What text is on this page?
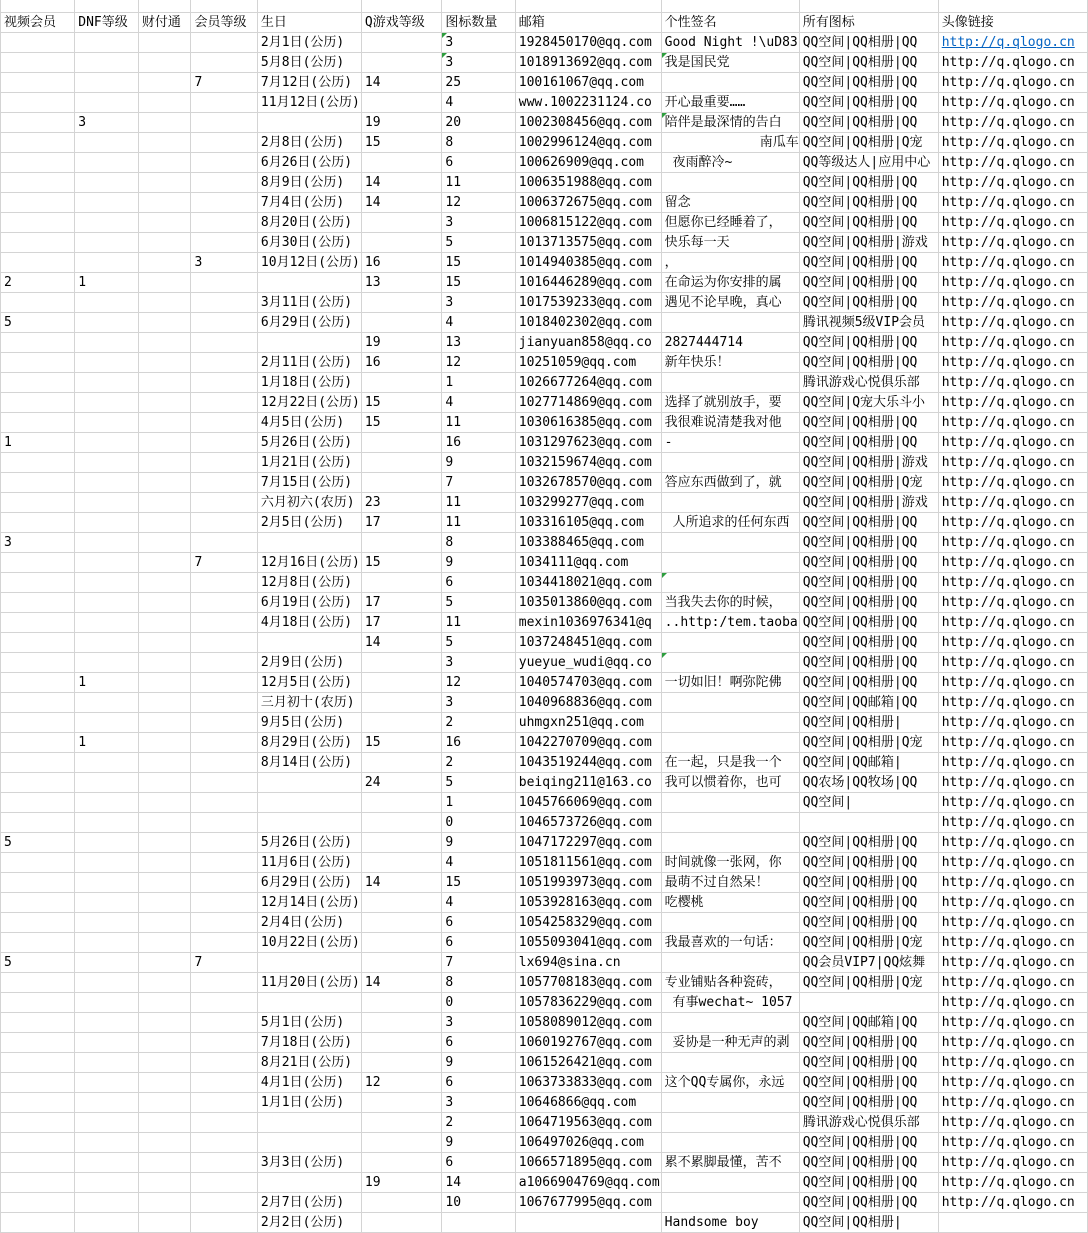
视频会员	DNF等级	财付通	会员等级	生日	Q游戏等级	图标数量	邮箱	个性签名	所有图标	头像链接
				2月1日(公历)		3	1928450170@qq.com	Good Night !\uD83	QQ空间|QQ相册|QQ	http://q.qlogo.cn
				5月8日(公历)		3	1018913692@qq.com	我是国民党	QQ空间|QQ相册|QQ	http://q.qlogo.cn
			7	7月12日(公历)	14	25	100161067@qq.com		QQ空间|QQ相册|QQ	http://q.qlogo.cn
				11月12日(公历)		4	www.1002231124.co	开心最重要……	QQ空间|QQ相册|QQ	http://q.qlogo.cn
	3				19	20	1002308456@qq.com	陪伴是最深情的告白	QQ空间|QQ相册|QQ	http://q.qlogo.cn
				2月8日(公历)	15	8	1002996124@qq.com	南瓜车	QQ空间|QQ相册|Q宠	http://q.qlogo.cn
				6月26日(公历)		6	100626909@qq.com	夜雨醉冷~	QQ等级达人|应用中心	http://q.qlogo.cn
				8月9日(公历)	14	11	1006351988@qq.com		QQ空间|QQ相册|QQ	http://q.qlogo.cn
				7月4日(公历)	14	12	1006372675@qq.com	留念	QQ空间|QQ相册|QQ	http://q.qlogo.cn
				8月20日(公历)		3	1006815122@qq.com	但愿你已经睡着了，	QQ空间|QQ相册|QQ	http://q.qlogo.cn
				6月30日(公历)		5	1013713575@qq.com	快乐每一天	QQ空间|QQ相册|游戏	http://q.qlogo.cn
			3	10月12日(公历)	16	15	1014940385@qq.com	，	QQ空间|QQ相册|QQ	http://q.qlogo.cn
2	1				13	15	1016446289@qq.com	在命运为你安排的属	QQ空间|QQ相册|QQ	http://q.qlogo.cn
				3月11日(公历)		3	1017539233@qq.com	遇见不论早晚，真心	QQ空间|QQ相册|QQ	http://q.qlogo.cn
5				6月29日(公历)		4	1018402302@qq.com		腾讯视频5级VIP会员	http://q.qlogo.cn
					19	13	jianyuan858@qq.co	2827444714	QQ空间|QQ相册|QQ	http://q.qlogo.cn
				2月11日(公历)	16	12	10251059@qq.com	新年快乐！	QQ空间|QQ相册|QQ	http://q.qlogo.cn
				1月18日(公历)		1	1026677264@qq.com		腾讯游戏心悦俱乐部	http://q.qlogo.cn
				12月22日(公历)	15	4	1027714869@qq.com	选择了就别放手，要	QQ空间|Q宠大乐斗小	http://q.qlogo.cn
				4月5日(公历)	15	11	1030616385@qq.com	我很难说清楚我对他	QQ空间|QQ相册|QQ	http://q.qlogo.cn
1				5月26日(公历)		16	1031297623@qq.com	-	QQ空间|QQ相册|QQ	http://q.qlogo.cn
				1月21日(公历)		9	1032159674@qq.com		QQ空间|QQ相册|游戏	http://q.qlogo.cn
				7月15日(公历)		7	1032678570@qq.com	答应东西做到了，就	QQ空间|QQ相册|Q宠	http://q.qlogo.cn
				六月初六(农历)	23	11	103299277@qq.com		QQ空间|QQ相册|游戏	http://q.qlogo.cn
				2月5日(公历)	17	11	103316105@qq.com	人所追求的任何东西	QQ空间|QQ相册|QQ	http://q.qlogo.cn
3						8	103388465@qq.com		QQ空间|QQ相册|QQ	http://q.qlogo.cn
			7	12月16日(公历)	15	9	1034111@qq.com		QQ空间|QQ相册|QQ	http://q.qlogo.cn
				12月8日(公历)		6	1034418021@qq.com		QQ空间|QQ相册|QQ	http://q.qlogo.cn
				6月19日(公历)	17	5	1035013860@qq.com	当我失去你的时候，	QQ空间|QQ相册|QQ	http://q.qlogo.cn
				4月18日(公历)	17	11	mexin1036976341@q	..http:/tem.taoba	QQ空间|QQ相册|QQ	http://q.qlogo.cn
					14	5	1037248451@qq.com		QQ空间|QQ相册|QQ	http://q.qlogo.cn
				2月9日(公历)		3	yueyue_wudi@qq.co		QQ空间|QQ相册|QQ	http://q.qlogo.cn
	1			12月5日(公历)		12	1040574703@qq.com	一切如旧！啊弥陀佛	QQ空间|QQ相册|QQ	http://q.qlogo.cn
				三月初十(农历)		3	1040968836@qq.com		QQ空间|QQ邮箱|QQ	http://q.qlogo.cn
				9月5日(公历)		2	uhmgxn251@qq.com		QQ空间|QQ相册|	http://q.qlogo.cn
	1			8月29日(公历)	15	16	1042270709@qq.com		QQ空间|QQ相册|Q宠	http://q.qlogo.cn
				8月14日(公历)		2	1043519244@qq.com	在一起，只是我一个	QQ空间|QQ邮箱|	http://q.qlogo.cn
					24	5	beiqing211@163.co	我可以惯着你，也可	QQ农场|QQ牧场|QQ	http://q.qlogo.cn
						1	1045766069@qq.com		QQ空间|	http://q.qlogo.cn
						0	1046573726@qq.com			http://q.qlogo.cn
5				5月26日(公历)		9	1047172297@qq.com		QQ空间|QQ相册|QQ	http://q.qlogo.cn
				11月6日(公历)		4	1051811561@qq.com	时间就像一张网，你	QQ空间|QQ相册|QQ	http://q.qlogo.cn
				6月29日(公历)	14	15	1051993973@qq.com	最萌不过自然呆！	QQ空间|QQ相册|QQ	http://q.qlogo.cn
				12月14日(公历)		4	1053928163@qq.com	吃樱桃	QQ空间|QQ相册|QQ	http://q.qlogo.cn
				2月4日(公历)		6	1054258329@qq.com		QQ空间|QQ相册|QQ	http://q.qlogo.cn
				10月22日(公历)		6	1055093041@qq.com	我最喜欢的一句话：	QQ空间|QQ相册|Q宠	http://q.qlogo.cn
5			7			7	lx694@sina.cn		QQ会员VIP7|QQ炫舞	http://q.qlogo.cn
				11月20日(公历)	14	8	1057708183@qq.com	专业铺贴各种瓷砖，	QQ空间|QQ相册|Q宠	http://q.qlogo.cn
						0	1057836229@qq.com	有事wechat~ 1057		http://q.qlogo.cn
				5月1日(公历)		3	1058089012@qq.com		QQ空间|QQ邮箱|QQ	http://q.qlogo.cn
				7月18日(公历)		6	1060192767@qq.com	妥协是一种无声的剥	QQ空间|QQ相册|QQ	http://q.qlogo.cn
				8月21日(公历)		9	1061526421@qq.com		QQ空间|QQ相册|QQ	http://q.qlogo.cn
				4月1日(公历)	12	6	1063733833@qq.com	这个QQ专属你，永远	QQ空间|QQ相册|QQ	http://q.qlogo.cn
				1月1日(公历)		3	10646866@qq.com		QQ空间|QQ相册|QQ	http://q.qlogo.cn
						2	1064719563@qq.com		腾讯游戏心悦俱乐部	http://q.qlogo.cn
						9	106497026@qq.com		QQ空间|QQ相册|QQ	http://q.qlogo.cn
				3月3日(公历)		6	1066571895@qq.com	累不累脚最懂，苦不	QQ空间|QQ相册|QQ	http://q.qlogo.cn
					19	14	a1066904769@qq.com		QQ空间|QQ相册|QQ	http://q.qlogo.cn
				2月7日(公历)		10	1067677995@qq.com		QQ空间|QQ相册|QQ	http://q.qlogo.cn
				2月2日(公历)				Handsome boy	QQ空间|QQ相册|	
